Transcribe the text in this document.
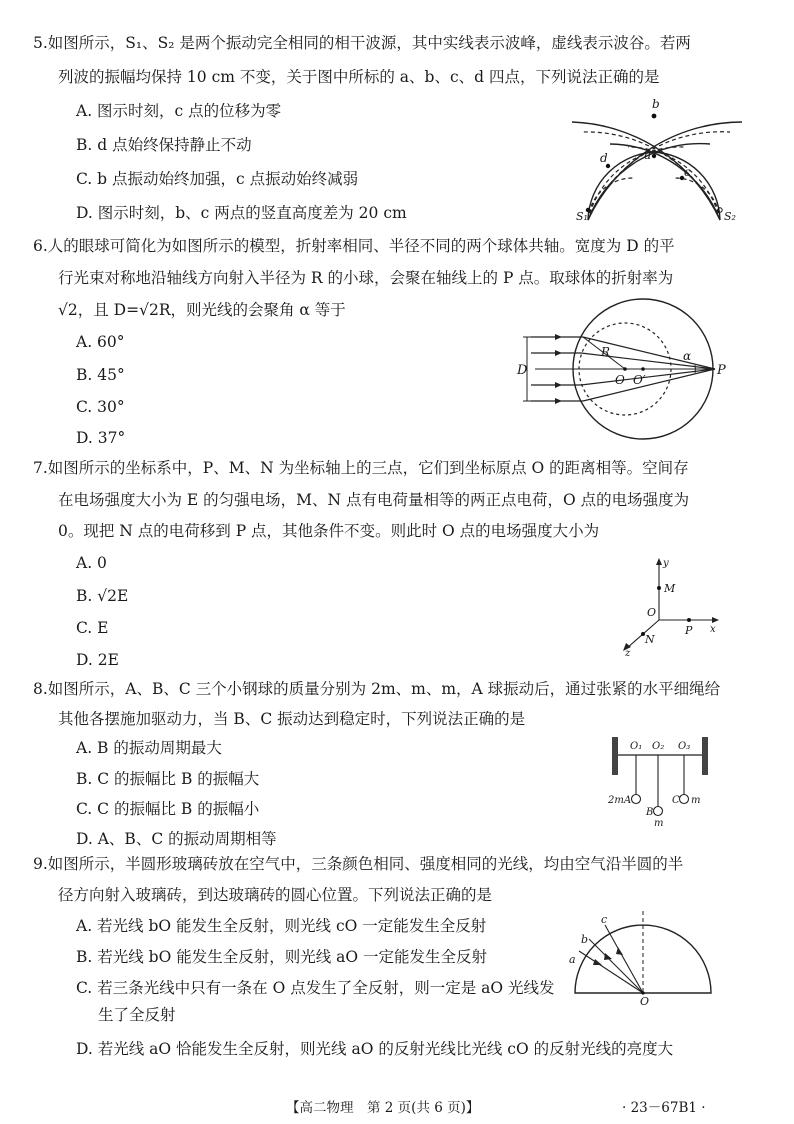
5.如图所示，S₁、S₂ 是两个振动完全相同的相干波源，其中实线表示波峰，虚线表示波谷。若两
列波的振幅均保持 10 cm 不变，关于图中所标的 a、b、c、d 四点，下列说法正确的是
A. 图示时刻，c 点的位移为零
B. d 点始终保持静止不动
C. b 点振动始终加强，c 点振动始终减弱
D. 图示时刻，b、c 两点的竖直高度差为 20 cm
b
a
d
c
S₁	S₂
6.人的眼球可简化为如图所示的模型，折射率相同、半径不同的两个球体共轴。宽度为 D 的平
行光束对称地沿轴线方向射入半径为 R 的小球，会聚在轴线上的 P 点。取球体的折射率为
√2，且 D=√2R，则光线的会聚角 α 等于
A. 60°
B. 45°
C. 30°
D. 37°
D
R	α
O O′
P
7.如图所示的坐标系中，P、M、N 为坐标轴上的三点，它们到坐标原点 O 的距离相等。空间存
在电场强度大小为 E 的匀强电场，M、N 点有电荷量相等的两正点电荷，O 点的电场强度为
0。现把 N 点的电荷移到 P 点，其他条件不变。则此时 O 点的电场强度大小为
A. 0
B. √2E
C. E
D. 2E
y
M
O
P x
N
z
8.如图所示，A、B、C 三个小钢球的质量分别为 2m、m、m，A 球振动后，通过张紧的水平细绳给
其他各摆施加驱动力，当 B、C 振动达到稳定时，下列说法正确的是
A. B 的振动周期最大
B. C 的振幅比 B 的振幅大
C. C 的振幅比 B 的振幅小
D. A、B、C 的振动周期相等
O₁ O₂ O₃
2m A
B
m
C m
9.如图所示，半圆形玻璃砖放在空气中，三条颜色相同、强度相同的光线，均由空气沿半圆的半
径方向射入玻璃砖，到达玻璃砖的圆心位置。下列说法正确的是
A. 若光线 bO 能发生全反射，则光线 cO 一定能发生全反射
B. 若光线 bO 能发生全反射，则光线 aO 一定能发生全反射
C. 若三条光线中只有一条在 O 点发生了全反射，则一定是 aO 光线发
生了全反射
D. 若光线 aO 恰能发生全反射，则光线 aO 的反射光线比光线 cO 的反射光线的亮度大
b
c
a
O
【高二物理　第 2 页(共 6 页)】	· 23－67B1 ·
